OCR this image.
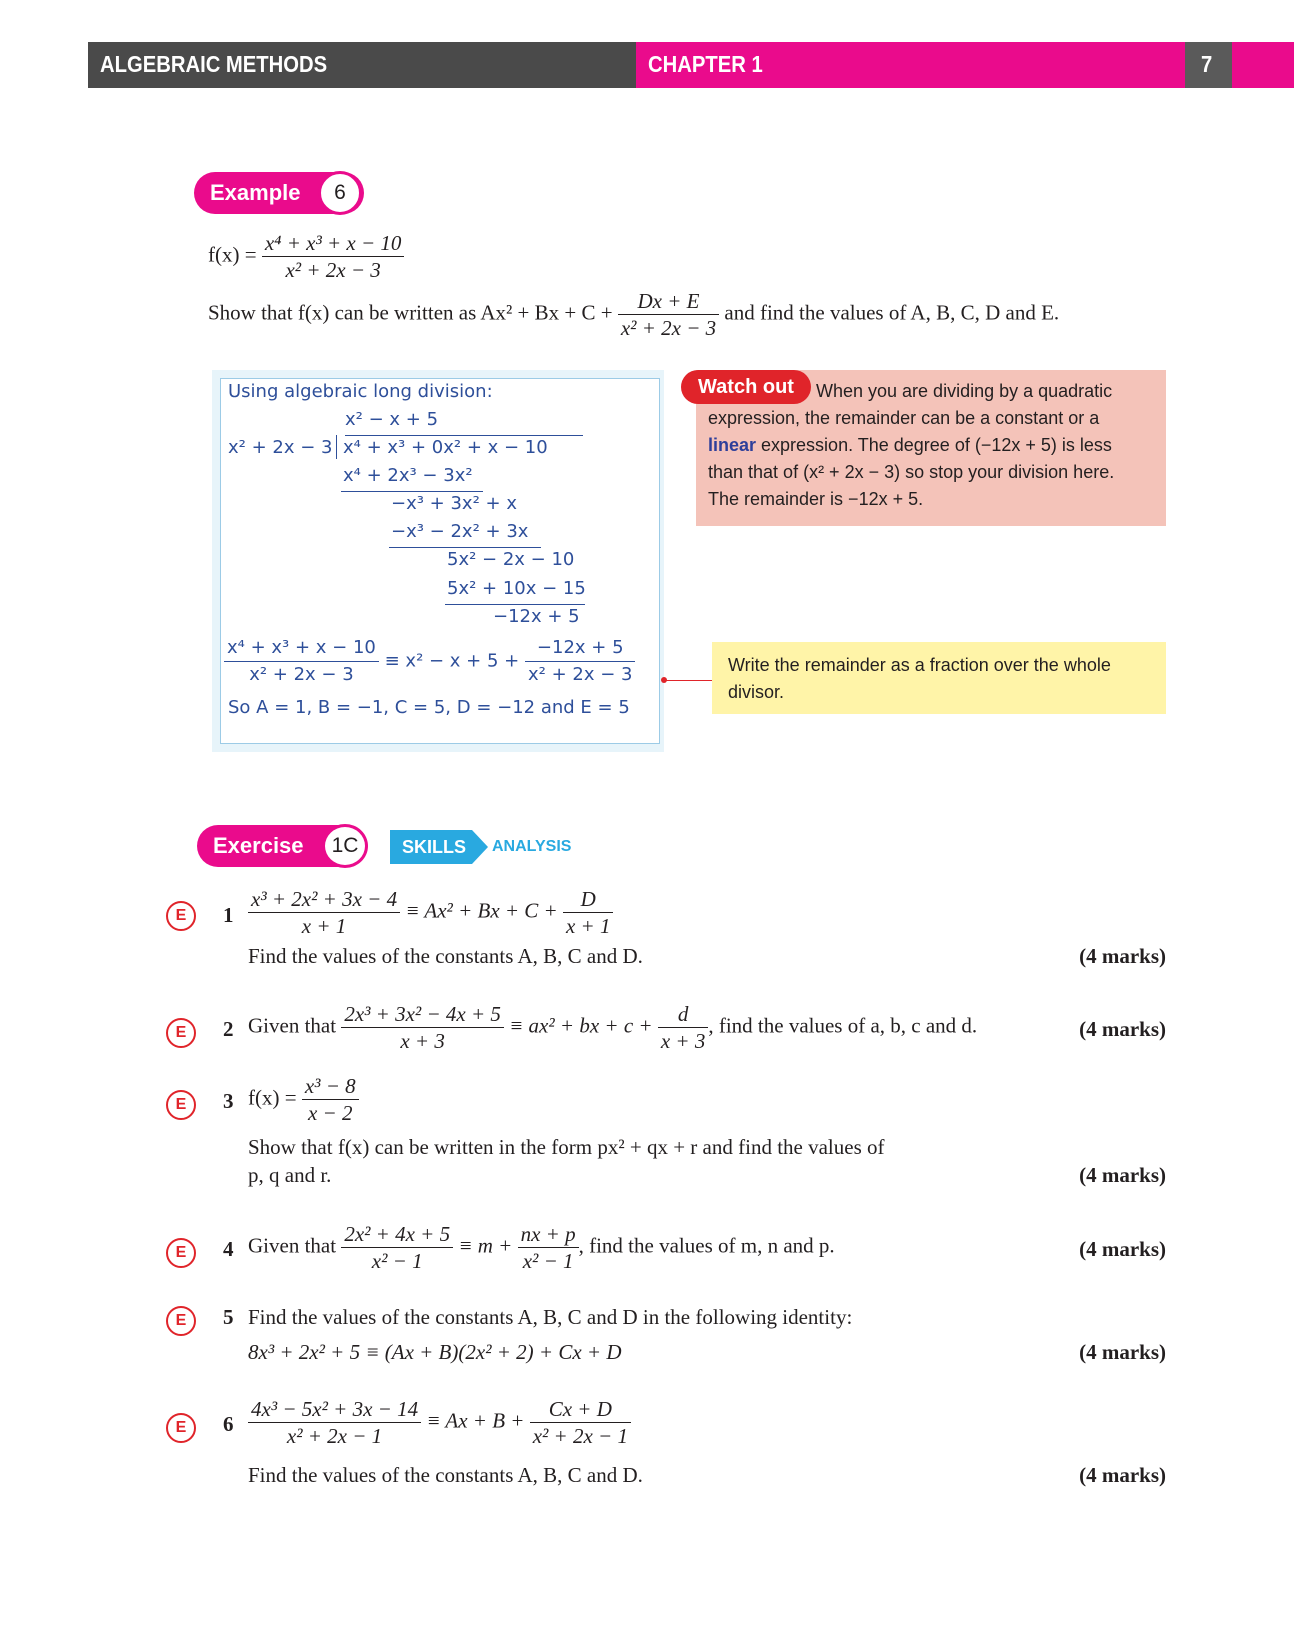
ALGEBRAIC METHODS	CHAPTER 1	7
Example	6
$f(x) = \frac{\text{x⁴ + x³ + x − 10}}{\text{x² + 2x − 3}}$
Show that f(x) can be written as $Ax^2 + Bx + C + \frac{Dx + E}{\text{x² + 2x − 3}}$ and find the values of A, B, C, D and E.
Using algebraic long division:
x² − x + 5
x² + 2x − 3 x⁴ + x³ + 0x² + x − 10
x⁴ + 2x³ − 3x²
−x³ + 3x² + x
−x³ − 2x² + 3x
5x² − 2x − 10
5x² + 10x − 15
−12x + 5
$\frac{\text{x⁴ + x³ + x − 10}}{\text{x² + 2x − 3}} \equiv x^2 - x + 5 + \frac{-12x + 5}{\text{x² + 2x − 3}}$
So A = 1, B = −1, C = 5, D = −12 and E = 5
When you are dividing by a quadratic
expression, the remainder can be a constant or a
linear expression. The degree of (−12x + 5) is less
than that of (x² + 2x − 3) so stop your division here.
The remainder is −12x + 5.
Watch out
Write the remainder as a fraction over the whole
divisor.
Exercise	1C	SKILLS	ANALYSIS
E	$1 \frac{\text{x³ + 2x² + 3x − 4}}{x + 1} \equiv Ax^2 + Bx + C + \frac{D}{x + 1}$
Find the values of the constants A, B, C and D.	(4 marks)
E	2 Given that $\frac{\text{2x³ + 3x² − 4x + 5}}{x + 3} \equiv ax^2$ + bx + $c + \frac{d}{x + 3}$ , find the values of a, b, c and d.	(4 marks)
E	3 $f(x) = \frac{\text{x³ − 8}}{x - 2}$
Show that f(x) can be written in the form px² + qx + r and find the values of
p, q and r.	(4 marks)
E	4 Given that $\frac{\text{2x² + 4x + 5}}{\text{x² − 1}} \equiv m + \frac{nx + p}{\text{x² − 1}}$ , find the values of m, n and p.	(4 marks)
E	5 Find the values of the constants A, B, C and D in the following identity:
8x³ + 2x² + 5 ≡ (Ax + B)(2x² + 2) + Cx + D	(4 marks)
E	$6 \frac{\text{4x³ − 5x² + 3x − 14}}{\text{x² + 2x − 1}} \equiv Ax + B + \frac{Cx + D}{\text{x² + 2x − 1}}$
Find the values of the constants A, B, C and D.	(4 marks)
